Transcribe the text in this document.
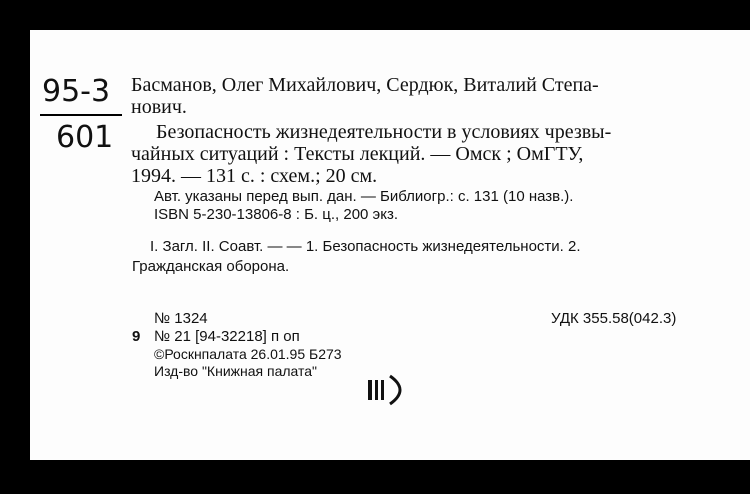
95-3
601
Басманов, Олег Михайлович, Сердюк, Виталий Степа-
нович.
Безопасность жизнедеятельности в условиях чрезвы-
чайных ситуаций : Тексты лекций. — Омск ; ОмГТУ,
1994. — 131 с. : схем.; 20 см.
Авт. указаны перед вып. дан. — Библиогр.: с. 131 (10 назв.).
ISBN 5-230-13806-8 : Б. ц., 200 экз.
I. Загл. II. Соавт. — — 1. Безопасность жизнедеятельности. 2.
Гражданская оборона.
№ 1324	УДК 355.58(042.3)
9 № 21 [94-32218] п оп
©Роскнпалата 26.01.95 Б273
Изд-во "Книжная палата"
